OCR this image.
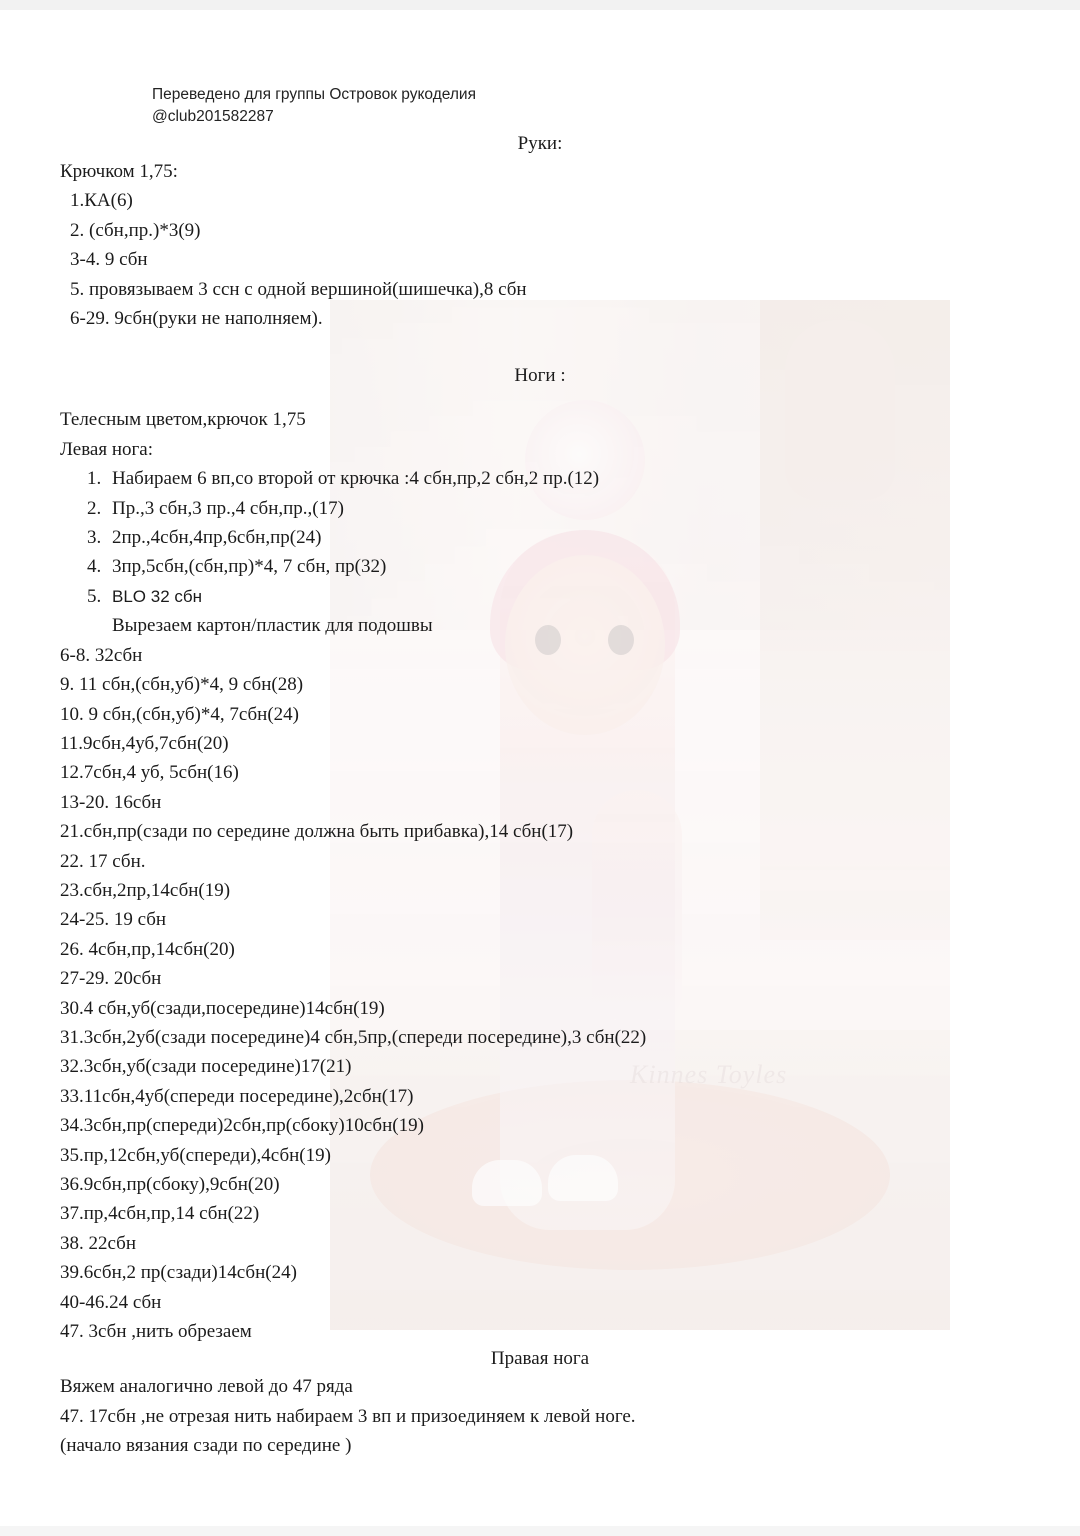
Kinnes Toyles
Переведено для группы Островок рукоделия
@club201582287
Руки:
Крючком 1,75:
1.КА(6)
2. (сбн,пр.)*3(9)
3-4. 9 сбн
5. провязываем 3 ссн с одной вершиной(шишечка),8 сбн
6-29. 9сбн(руки не наполняем).
Ноги :
Телесным цветом,крючок 1,75
Левая нога:
1. Набираем 6 вп,со второй от крючка :4 сбн,пр,2 сбн,2 пр.(12)
2. Пр.,3 сбн,3 пр.,4 сбн,пр.,(17)
3. 2пр.,4сбн,4пр,6сбн,пр(24)
4. 3пр,5сбн,(сбн,пр)*4, 7 сбн, пр(32)
5. BLO 32 сбн
Вырезаем картон/пластик для подошвы
6-8. 32сбн
9. 11 сбн,(сбн,уб)*4, 9 сбн(28)
10. 9 сбн,(сбн,уб)*4, 7сбн(24)
11.9сбн,4уб,7сбн(20)
12.7сбн,4 уб, 5сбн(16)
13-20. 16сбн
21.сбн,пр(сзади по середине должна быть прибавка),14 сбн(17)
22. 17 сбн.
23.сбн,2пр,14сбн(19)
24-25. 19 сбн
26. 4сбн,пр,14сбн(20)
27-29. 20сбн
30.4 сбн,уб(сзади,посередине)14сбн(19)
31.3сбн,2уб(сзади посередине)4 сбн,5пр,(спереди посередине),3 сбн(22)
32.3сбн,уб(сзади посередине)17(21)
33.11сбн,4уб(спереди посередине),2сбн(17)
34.3сбн,пр(спереди)2сбн,пр(сбоку)10сбн(19)
35.пр,12сбн,уб(спереди),4сбн(19)
36.9сбн,пр(сбоку),9сбн(20)
37.пр,4сбн,пр,14 сбн(22)
38. 22сбн
39.6сбн,2 пр(сзади)14сбн(24)
40-46.24 сбн
47. 3сбн ,нить обрезаем
Правая нога
Вяжем аналогично левой до 47 ряда
47. 17сбн ,не отрезая нить набираем 3 вп и призоединяем к левой ноге.
(начало вязания сзади по середине )
